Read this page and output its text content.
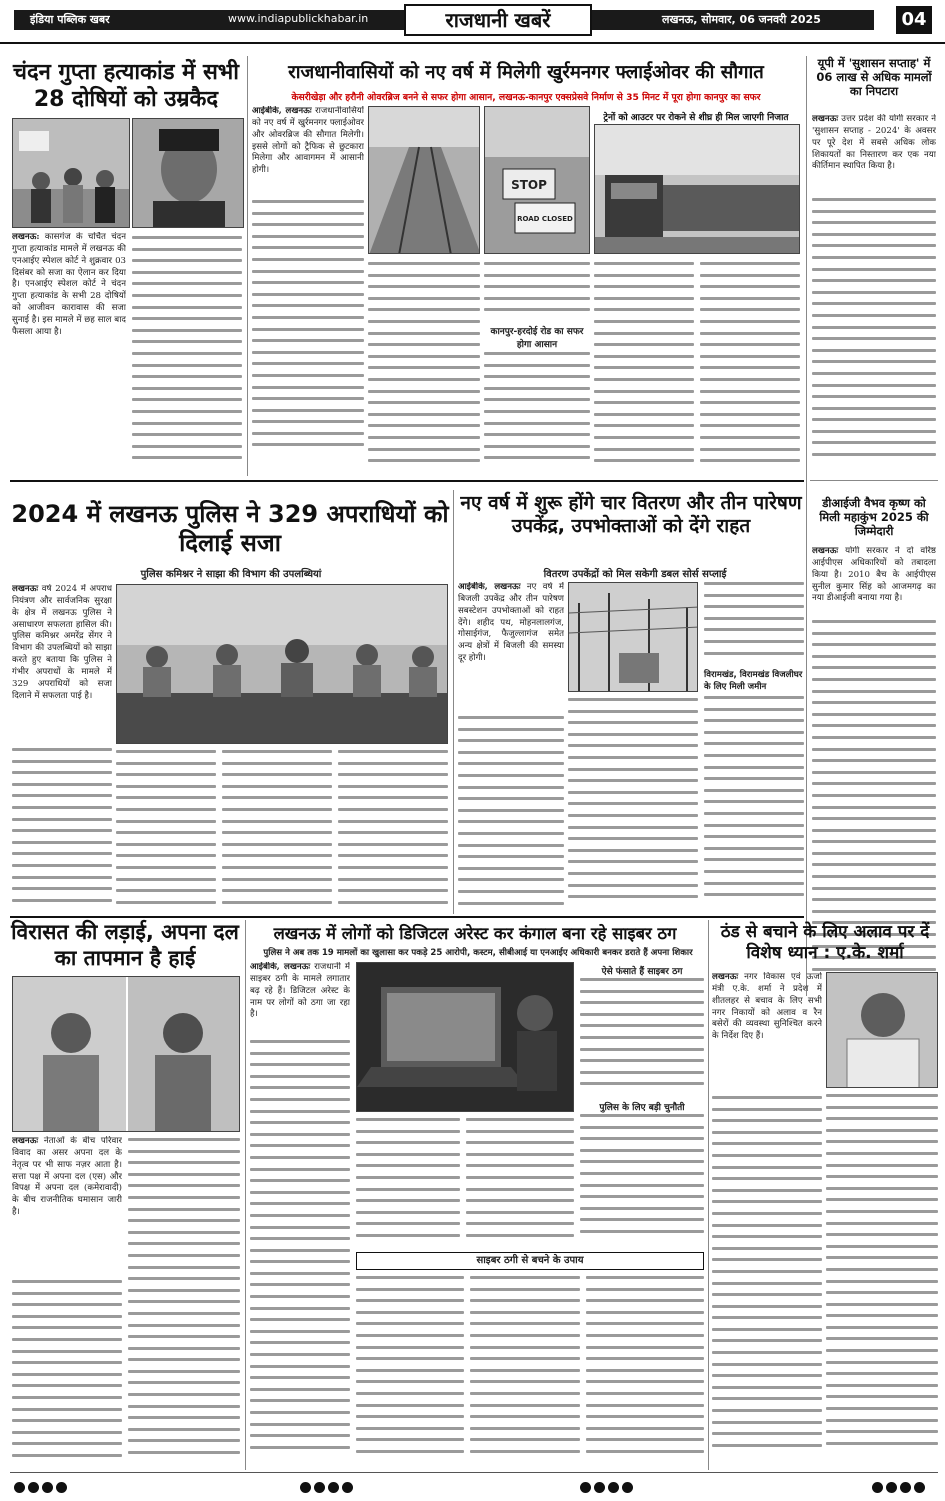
इंडिया पब्लिक खबर	www.indiapublickhabar.in	राजधानी खबरें	लखनऊ, सोमवार, 06 जनवरी 2025	04
चंदन गुप्ता हत्याकांड में सभी 28 दोषियों को उम्रकैद
लखनऊ: कासगंज के चर्चित चंदन गुप्ता हत्याकांड मामले में लखनऊ की एनआईए स्पेशल कोर्ट ने शुक्रवार 03 दिसंबर को सजा का ऐलान कर दिया है। एनआईए स्पेशल कोर्ट ने चंदन गुप्ता हत्याकांड के सभी 28 दोषियों को आजीवन कारावास की सजा सुनाई है। इस मामले में छह साल बाद फैसला आया है।
राजधानीवासियों को नए वर्ष में मिलेगी खुर्रमनगर फ्लाईओवर की सौगात
केसरीखेड़ा और हरौनी ओवरब्रिज बनने से सफर होगा आसान, लखनऊ-कानपुर एक्सप्रेसवे निर्माण से 35 मिनट में पूरा होगा कानपुर का सफर
आईबीके, लखनऊः राजधानीवासियों को नए वर्ष में खुर्रमनगर फ्लाईओवर और ओवरब्रिज की सौगात मिलेगी। इससे लोगों को ट्रैफिक से छुटकारा मिलेगा और आवागमन में आसानी होगी।
STOP
ROAD CLOSED
ट्रेनों को आउटर पर रोकने से शीघ्र ही मिल जाएगी निजात
कानपुर-हरदोई रोड का सफर होगा आसान
यूपी में 'सुशासन सप्ताह' में 06 लाख से अधिक मामलों का निपटारा
लखनऊः उत्तर प्रदेश की योगी सरकार ने 'सुशासन सप्ताह - 2024' के अवसर पर पूरे देश में सबसे अधिक लोक शिकायतों का निस्तारण कर एक नया कीर्तिमान स्थापित किया है।
2024 में लखनऊ पुलिस ने 329 अपराधियों को दिलाई सजा
पुलिस कमिश्नर ने साझा की विभाग की उपलब्धियां
लखनऊः वर्ष 2024 में अपराध नियंत्रण और सार्वजनिक सुरक्षा के क्षेत्र में लखनऊ पुलिस ने असाधारण सफलता हासिल की। पुलिस कमिश्नर अमरेंद्र सेंगर ने विभाग की उपलब्धियों को साझा करते हुए बताया कि पुलिस ने गंभीर अपराधों के मामले में 329 अपराधियों को सजा दिलाने में सफलता पाई है।
नए वर्ष में शुरू होंगे चार वितरण और तीन पारेषण उपकेंद्र, उपभोक्ताओं को देंगे राहत
वितरण उपकेंद्रों को मिल सकेगी डबल सोर्स सप्लाई
आईबीके, लखनऊः नए वर्ष में बिजली उपकेंद्र और तीन पारेषण सबस्टेशन उपभोक्ताओं को राहत देंगे। शहीद पथ, मोहनलालगंज, गोसाईगंज, फैजुल्लागंज समेत अन्य क्षेत्रों में बिजली की समस्या दूर होगी।
विरामखंड, विरामखंड विजलीघर के लिए मिली जमीन
डीआईजी वैभव कृष्ण को मिली महाकुंभ 2025 की जिम्मेदारी
लखनऊः योगी सरकार ने दो वरिष्ठ आईपीएस अधिकारियों को तबादला किया है। 2010 बैच के आईपीएस सुनील कुमार सिंह को आजमगढ़ का नया डीआईजी बनाया गया है।
विरासत की लड़ाई, अपना दल का तापमान है हाई
लखनऊः नेताओं के बीच परिवार विवाद का असर अपना दल के नेतृत्व पर भी साफ नज़र आता है। सत्ता पक्ष में अपना दल (एस) और विपक्ष में अपना दल (कमेरावादी) के बीच राजनीतिक घमासान जारी है।
लखनऊ में लोगों को डिजिटल अरेस्ट कर कंगाल बना रहे साइबर ठग
पुलिस ने अब तक 19 मामलों का खुलासा कर पकड़े 25 आरोपी, कस्टम, सीबीआई या एनआईए अधिकारी बनकर डराते हैं अपना शिकार
आईबीके, लखनऊः राजधानी में साइबर ठगी के मामले लगातार बढ़ रहे हैं। डिजिटल अरेस्ट के नाम पर लोगों को ठगा जा रहा है।
ऐसे फंसाते हैं साइबर ठग
पुलिस के लिए बड़ी चुनौती
साइबर ठगी से बचने के उपाय
ठंड से बचाने के लिए अलाव पर दें विशेष ध्यान : ए.के. शर्मा
लखनऊः नगर विकास एवं ऊर्जा मंत्री ए.के. शर्मा ने प्रदेश में शीतलहर से बचाव के लिए सभी नगर निकायों को अलाव व रैन बसेरों की व्यवस्था सुनिश्चित करने के निर्देश दिए हैं।
